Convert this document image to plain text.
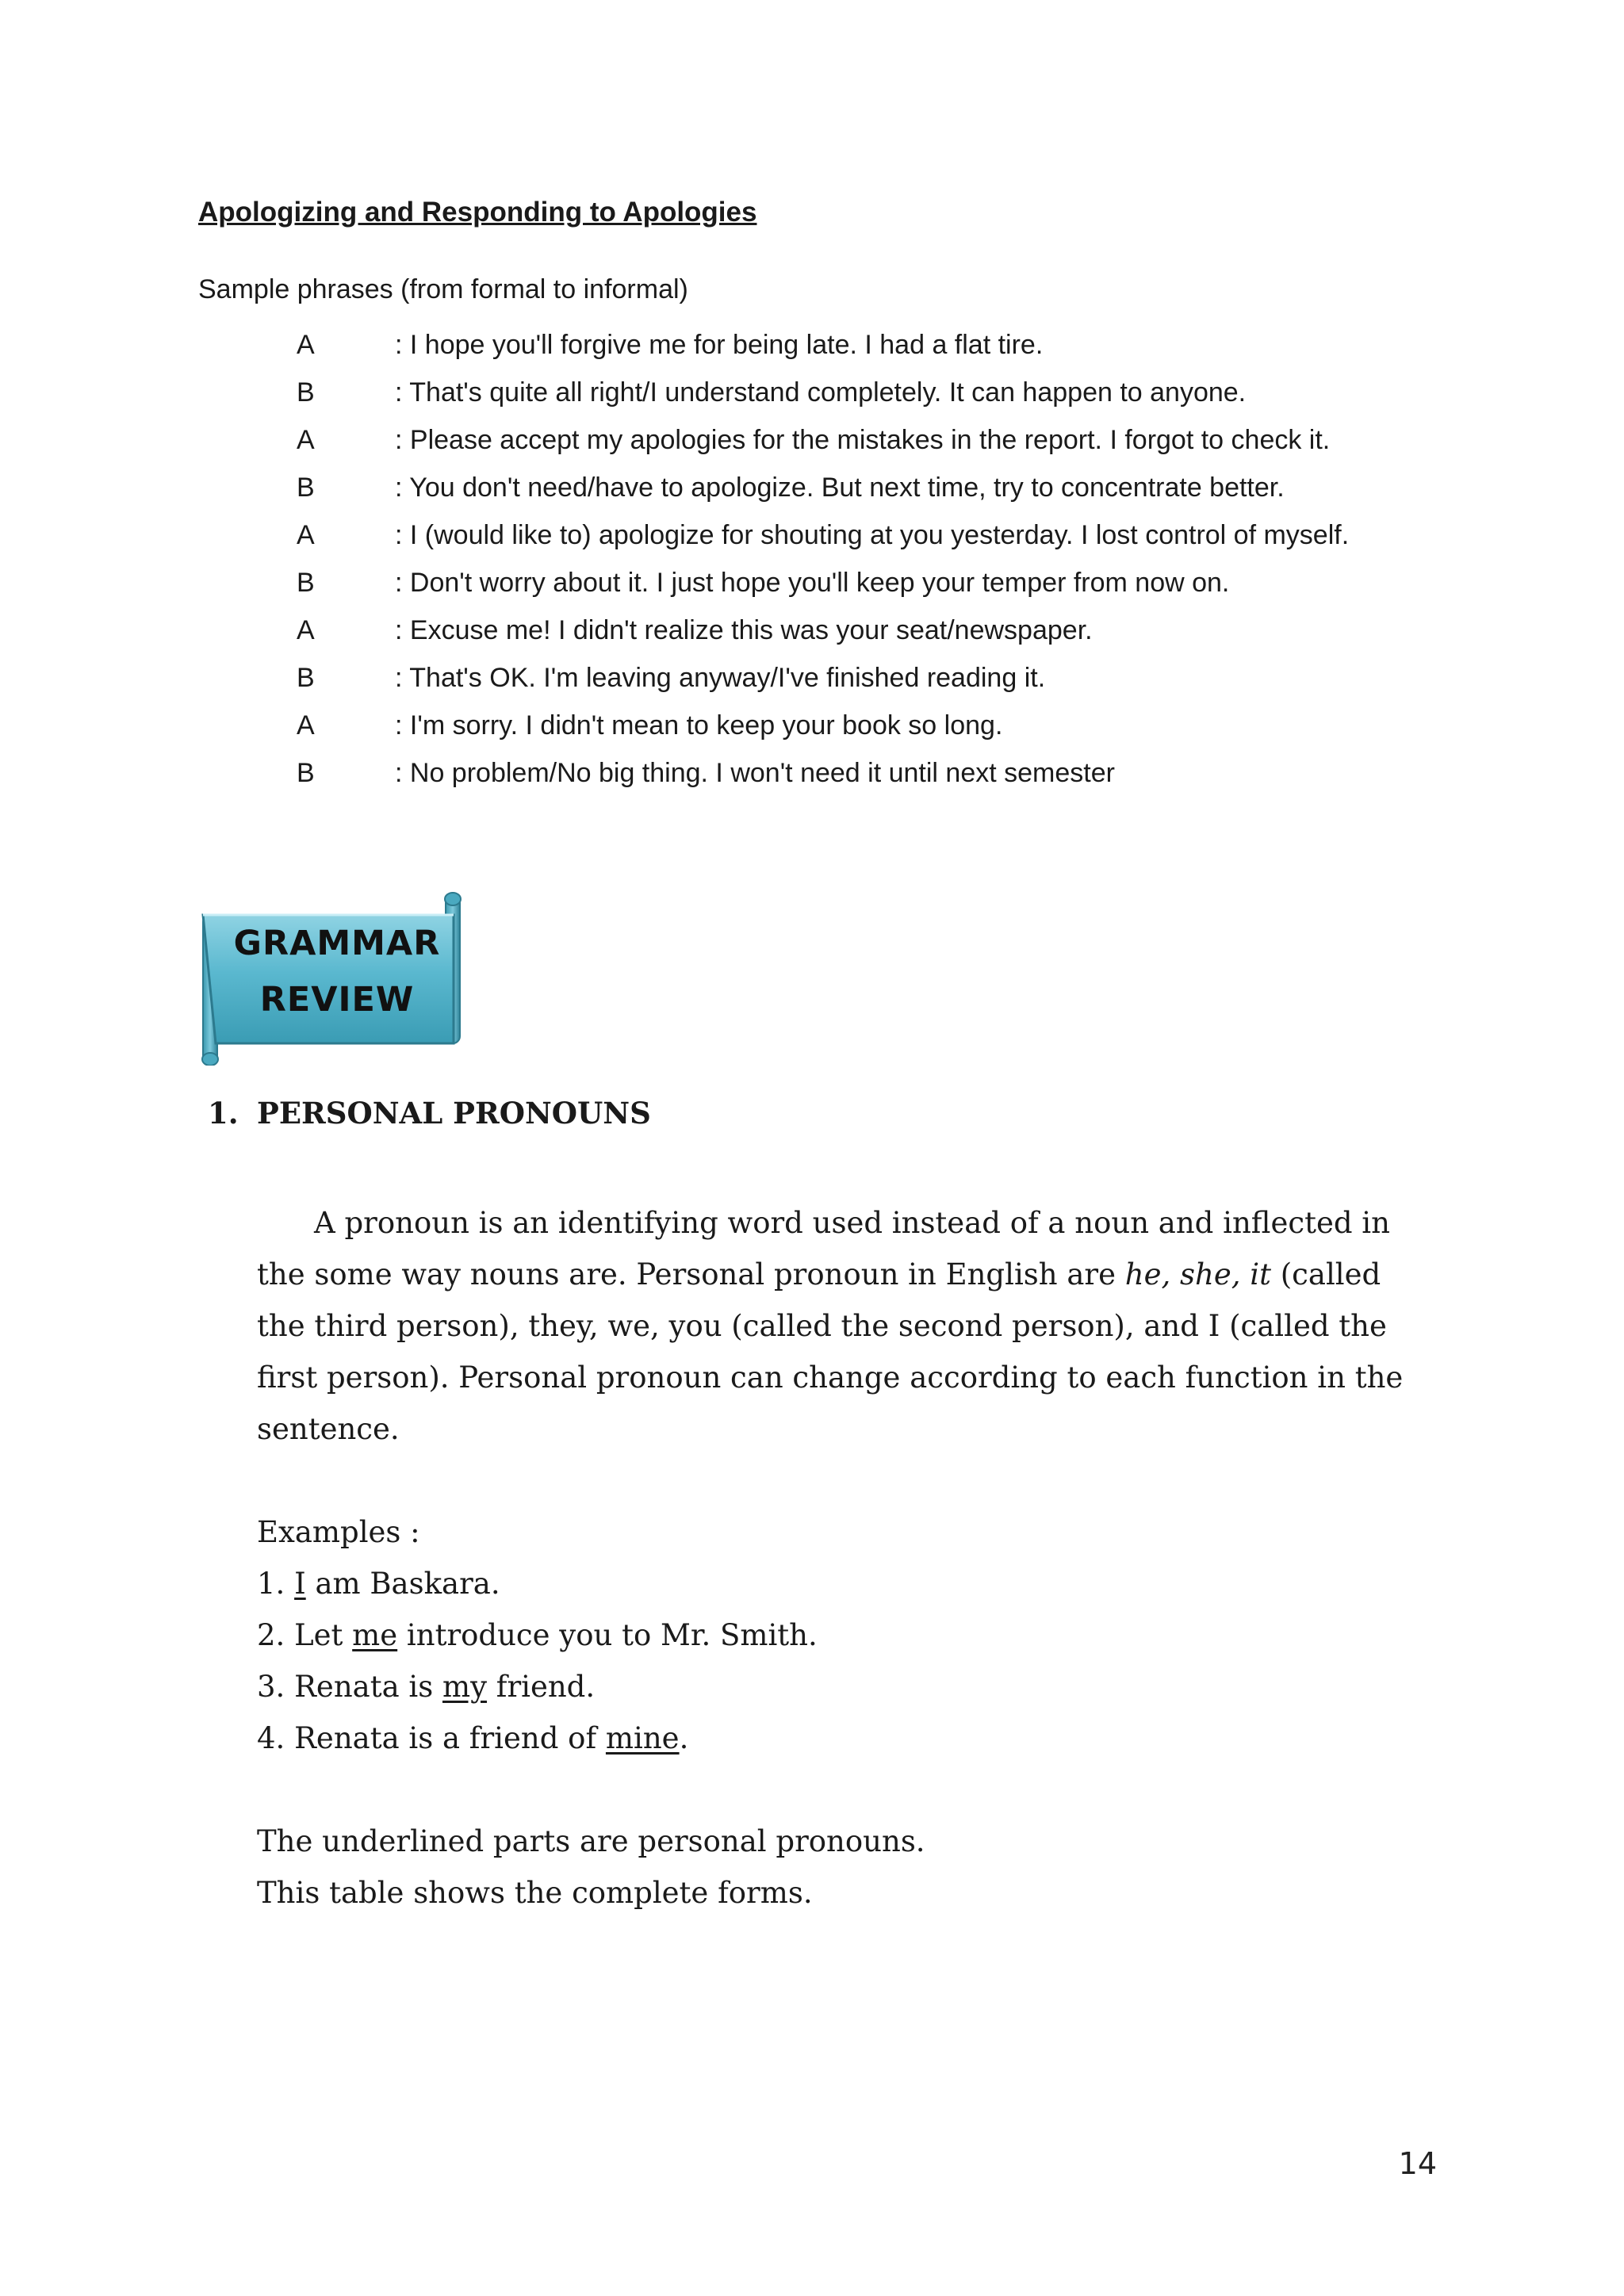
Apologizing and Responding to Apologies
Sample phrases (from formal to informal)
A	: I hope you'll forgive me for being late. I had a flat tire.
B	: That's quite all right/I understand completely. It can happen to anyone.
A	: Please accept my apologies for the mistakes in the report. I forgot to check it.
B	: You don't need/have to apologize. But next time, try to concentrate better.
A	: I (would like to) apologize for shouting at you yesterday. I lost control of myself.
B	: Don't worry about it. I just hope you'll keep your temper from now on.
A	: Excuse me! I didn't realize this was your seat/newspaper.
B	: That's OK. I'm leaving anyway/I've finished reading it.
A	: I'm sorry. I didn't mean to keep your book so long.
B	: No problem/No big thing. I won't need it until next semester
GRAMMAR
REVIEW
1. PERSONAL PRONOUNS

A pronoun is an identifying word used instead of a noun and inflected in the some way nouns are. Personal pronoun in English are he, she, it (called the third person), they, we, you (called the second person), and I (called the first person). Personal pronoun can change according to each function in the sentence.

Examples :

1. I am Baskara.

2. Let me introduce you to Mr. Smith.

3. Renata is my friend.

4. Renata is a friend of mine.

The underlined parts are personal pronouns.

This table shows the complete forms.

14
